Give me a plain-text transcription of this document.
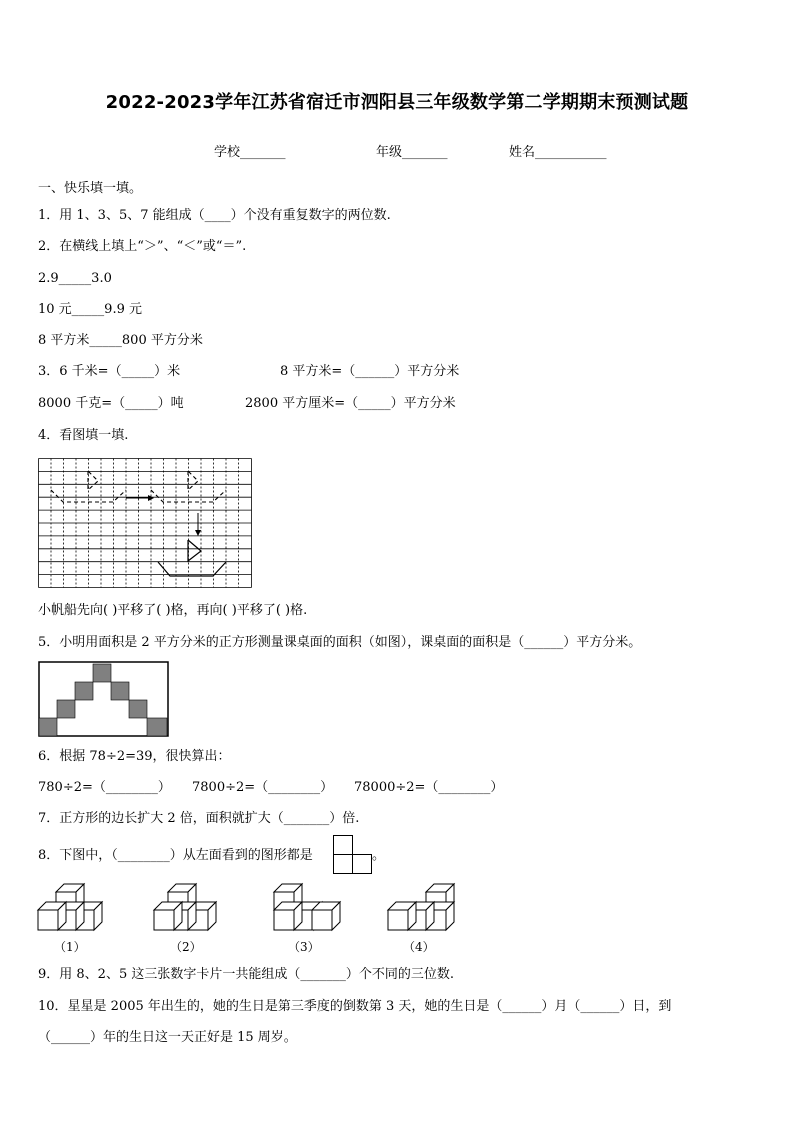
2022-2023学年江苏省宿迁市泗阳县三年级数学第二学期期末预测试题
学校_______	年级_______	姓名___________
一、快乐填一填。
1．用 1、3、5、7 能组成（____）个没有重复数字的两位数.
2．在横线上填上“＞”、“＜”或“＝”.
2.9_____3.0
10 元_____9.9 元
8 平方米_____800 平方分米
3．6 千米=（_____）米	8 平方米=（______）平方分米
8000 千克=（_____）吨	2800 平方厘米=（_____）平方分米
4．看图填一填.
小帆船先向( )平移了( )格，再向( )平移了( )格.
5．小明用面积是 2 平方分米的正方形测量课桌面的面积（如图），课桌面的面积是（______）平方分米。
6．根据 78÷2=39，很快算出：
780÷2=（________） 7800÷2=（________） 78000÷2=（________）
7．正方形的边长扩大 2 倍，面积就扩大（_______）倍.
8．下图中，（________）从左面看到的图形都是	。
（1）	（2）	（3）	（4）
9．用 8、2、5 这三张数字卡片一共能组成（_______）个不同的三位数.
10．星星是 2005 年出生的，她的生日是第三季度的倒数第 3 天，她的生日是（______）月（______）日，到
（______）年的生日这一天正好是 15 周岁。
